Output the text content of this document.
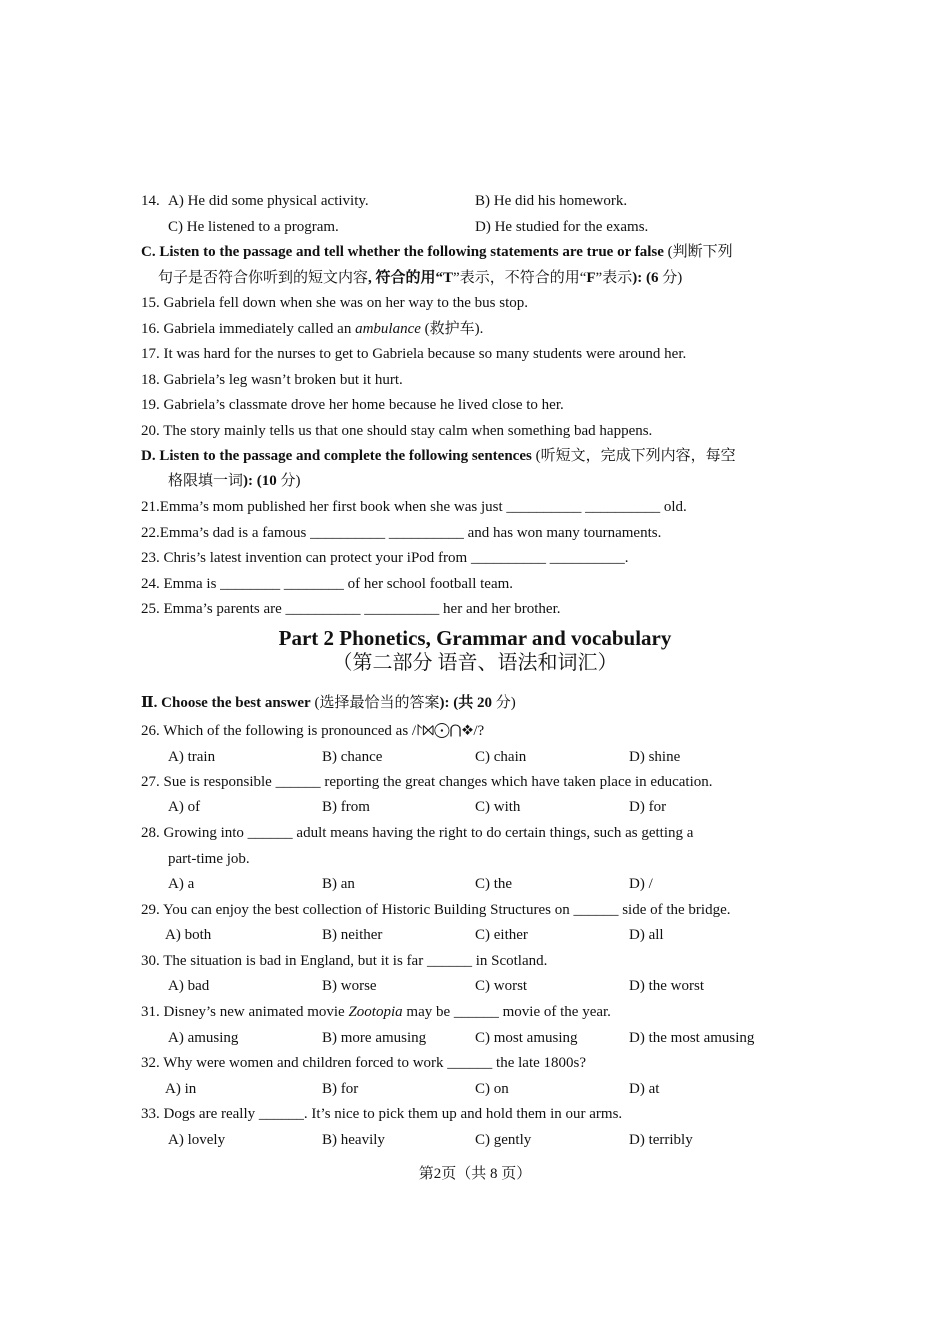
14. A) He did some physical activity.	B) He did his homework.
C) He listened to a program.	D) He studied for the exams.
C. Listen to the passage and tell whether the following statements are true or false (判断下列
句子是否符合你听到的短文内容, 符合的用“T”表示，不符合的用“F”表示): (6 分)
15. Gabriela fell down when she was on her way to the bus stop.
16. Gabriela immediately called an ambulance (救护车).
17. It was hard for the nurses to get to Gabriela because so many students were around her.
18. Gabriela’s leg wasn’t broken but it hurt.
19. Gabriela’s classmate drove her home because he lived close to her.
20. The story mainly tells us that one should stay calm when something bad happens.
D. Listen to the passage and complete the following sentences (听短文，完成下列内容，每空
格限填一词): (10 分)
21.Emma’s mom published her first book when she was just __________ __________ old.
22.Emma’s dad is a famous __________ __________ and has won many tournaments.
23. Chris’s latest invention can protect your iPod from __________ __________.
24. Emma is ________ ________ of her school football team.
25. Emma’s parents are __________ __________ her and her brother.
Part 2 Phonetics, Grammar and vocabulary
（第二部分 语音、语法和词汇）
Ⅱ. Choose the best answer (选择最恰当的答案): (共 20 分)
26. Which of the following is pronounced as /⨡⨝⨀⋂❖/?
A) train	B) chance	C) chain	D) shine
27. Sue is responsible ______ reporting the great changes which have taken place in education.
A) of	B) from	C) with	D) for
28. Growing into ______ adult means having the right to do certain things, such as getting a
part-time job.
A) a	B) an	C) the	D) /
29. You can enjoy the best collection of Historic Building Structures on ______ side of the bridge.
A) both	B) neither	C) either	D) all
30. The situation is bad in England, but it is far ______ in Scotland.
A) bad	B) worse	C) worst	D) the worst
31. Disney’s new animated movie Zootopia may be ______ movie of the year.
A) amusing	B) more amusing	C) most amusing	D) the most amusing
32. Why were women and children forced to work ______ the late 1800s?
A) in	B) for	C) on	D) at
33. Dogs are really ______. It’s nice to pick them up and hold them in our arms.
A) lovely	B) heavily	C) gently	D) terribly
第2页（共 8 页）
